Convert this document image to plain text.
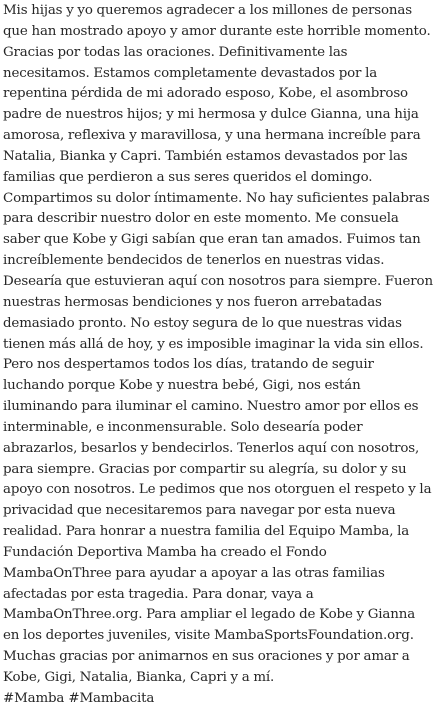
Mis hijas y yo queremos agradecer a los millones de personas que han mostrado apoyo y amor durante este horrible momento. Gracias por todas las oraciones. Definitivamente las necesitamos. Estamos completamente devastados por la repentina pérdida de mi adorado esposo, Kobe, el asombroso padre de nuestros hijos; y mi hermosa y dulce Gianna, una hija amorosa, reflexiva y maravillosa, y una hermana increíble para Natalia, Bianka y Capri. También estamos devastados por las familias que perdieron a sus seres queridos el domingo. Compartimos su dolor íntimamente. No hay suficientes palabras para describir nuestro dolor en este momento. Me consuela saber que Kobe y Gigi sabían que eran tan amados. Fuimos tan increíblemente bendecidos de tenerlos en nuestras vidas. Desearía que estuvieran aquí con nosotros para siempre. Fueron nuestras hermosas bendiciones y nos fueron arrebatadas demasiado pronto. No estoy segura de lo que nuestras vidas tienen más allá de hoy, y es imposible imaginar la vida sin ellos. Pero nos despertamos todos los días, tratando de seguir luchando porque Kobe y nuestra bebé, Gigi, nos están iluminando para iluminar el camino. Nuestro amor por ellos es interminable, e inconmensurable. Solo desearía poder abrazarlos, besarlos y bendecirlos. Tenerlos aquí con nosotros, para siempre. Gracias por compartir su alegría, su dolor y su apoyo con nosotros. Le pedimos que nos otorguen el respeto y la privacidad que necesitaremos para navegar por esta nueva realidad. Para honrar a nuestra familia del Equipo Mamba, la Fundación Deportiva Mamba ha creado el Fondo MambaOnThree para ayudar a apoyar a las otras familias afectadas por esta tragedia. Para donar, vaya a MambaOnThree.org. Para ampliar el legado de Kobe y Gianna en los deportes juveniles, visite MambaSportsFoundation.org. Muchas gracias por animarnos en sus oraciones y por amar a Kobe, Gigi, Natalia, Bianka, Capri y a mí.

#Mamba #Mambacita
